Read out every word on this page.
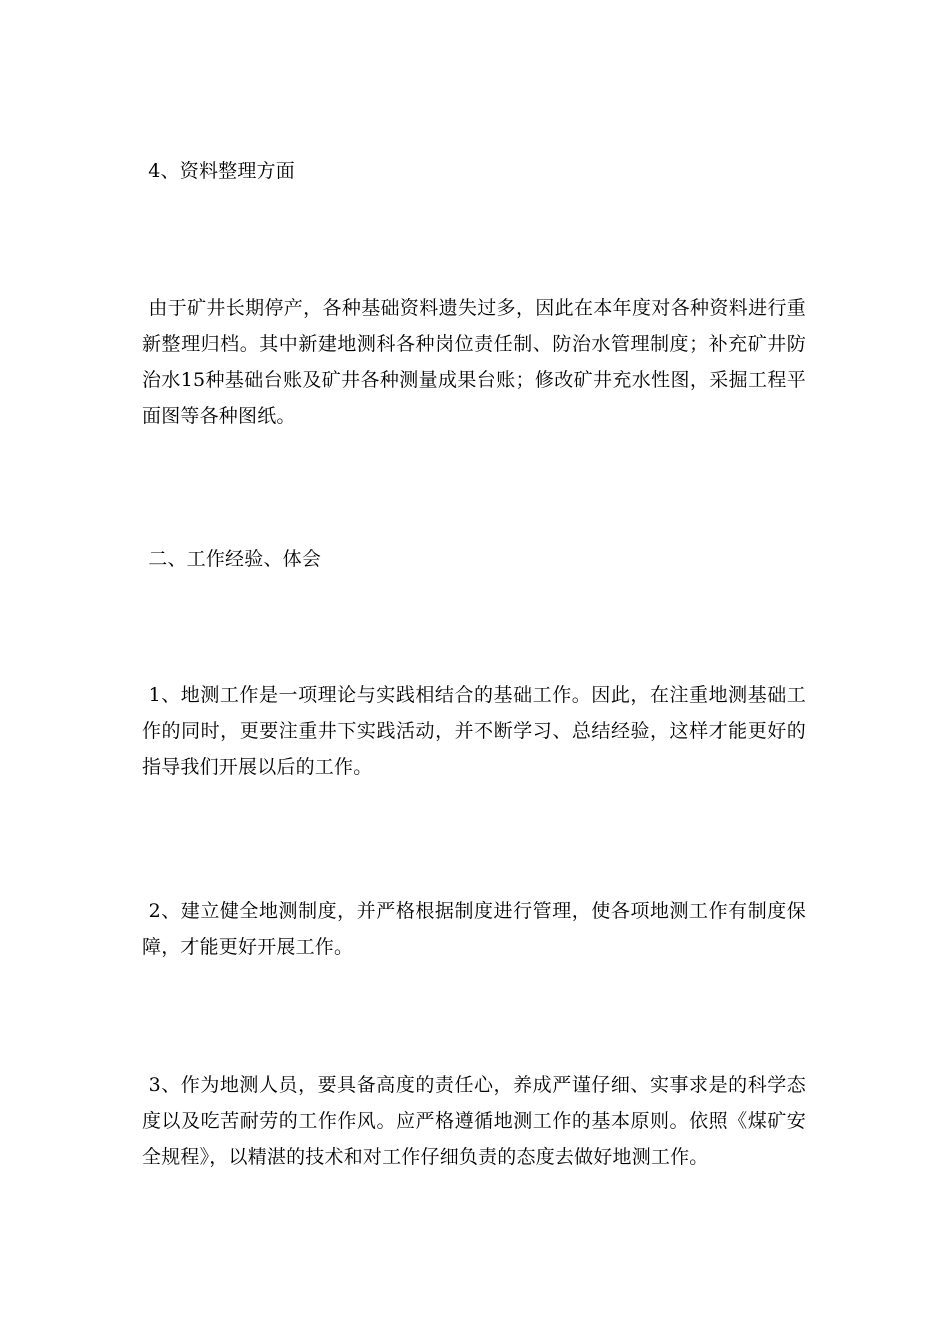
4、资料整理方面

由于矿井长期停产，各种基础资料遗失过多，因此在本年度对各种资料进行重新整理归档。其中新建地测科各种岗位责任制、防治水管理制度；补充矿井防治水15种基础台账及矿井各种测量成果台账；修改矿井充水性图，采掘工程平面图等各种图纸。

二、工作经验、体会

1、地测工作是一项理论与实践相结合的基础工作。因此，在注重地测基础工作的同时，更要注重井下实践活动，并不断学习、总结经验，这样才能更好的指导我们开展以后的工作。

2、建立健全地测制度，并严格根据制度进行管理，使各项地测工作有制度保障，才能更好开展工作。

3、作为地测人员，要具备高度的责任心，养成严谨仔细、实事求是的科学态度以及吃苦耐劳的工作作风。应严格遵循地测工作的基本原则。依照《煤矿安全规程》，以精湛的技术和对工作仔细负责的态度去做好地测工作。
